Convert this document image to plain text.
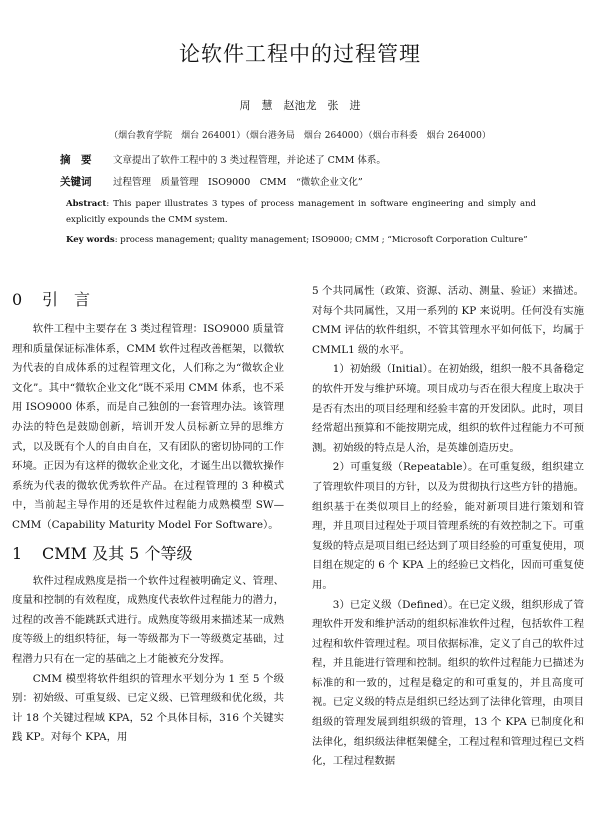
论软件工程中的过程管理
周　慧　赵池龙　张　进
（烟台教育学院　烟台 264001）（烟台港务局　烟台 264000）（烟台市科委　烟台 264000）
摘　要 文章提出了软件工程中的 3 类过程管理，并论述了 CMM 体系。
关键词 过程管理　质量管理　ISO9000　CMM　“微软企业文化”
Abstract: This paper illustrates 3 types of process management in software engineering and simply and explicitly expounds the CMM system.
Key words: process management; quality management; ISO9000; CMM ; “Microsoft Corporation Culture”
0 引　言

软件工程中主要存在 3 类过程管理：ISO9000 质量管理和质量保证标准体系，CMM 软件过程改善框架，以微软为代表的自成体系的过程管理文化，人们称之为“微软企业文化”。其中“微软企业文化”既不采用 CMM 体系，也不采用 ISO9000 体系，而是自己独创的一套管理办法。该管理办法的特色是鼓励创新，培训开发人员标新立异的思维方式，以及既有个人的自由自在，又有团队的密切协同的工作环境。正因为有这样的微软企业文化，才诞生出以微软操作系统为代表的微软优秀软件产品。在过程管理的 3 种模式中，当前起主导作用的还是软件过程能力成熟模型 SW—CMM（Capability Maturity Model For Software）。

1 CMM 及其 5 个等级

软件过程成熟度是指一个软件过程被明确定义、管理、度量和控制的有效程度，成熟度代表软件过程能力的潜力，过程的改善不能跳跃式进行。成熟度等级用来描述某一成熟度等级上的组织特征，每一等级都为下一等级奠定基础，过程潜力只有在一定的基础之上才能被充分发挥。

CMM 模型将软件组织的管理水平划分为 1 至 5 个级别：初始级、可重复级、已定义级、已管理级和优化级，共计 18 个关键过程域 KPA，52 个具体目标，316 个关键实践 KP。对每个 KPA，用

5 个共同属性（政策、资源、活动、测量、验证）来描述。对每个共同属性，又用一系列的 KP 来说明。任何没有实施 CMM 评估的软件组织，不管其管理水平如何低下，均属于 CMML1 级的水平。

1）初始级（Initial）。在初始级，组织一般不具备稳定的软件开发与维护环境。项目成功与否在很大程度上取决于是否有杰出的项目经理和经验丰富的开发团队。此时，项目经常超出预算和不能按期完成，组织的软件过程能力不可预测。初始级的特点是人治，是英雄创造历史。

2）可重复级（Repeatable）。在可重复级，组织建立了管理软件项目的方针，以及为贯彻执行这些方针的措施。组织基于在类似项目上的经验，能对新项目进行策划和管理，并且项目过程处于项目管理系统的有效控制之下。可重复级的特点是项目组已经达到了项目经验的可重复使用，项目组在规定的 6 个 KPA 上的经验已文档化，因而可重复使用。

3）已定义级（Defined）。在已定义级，组织形成了管理软件开发和维护活动的组织标准软件过程，包括软件工程过程和软件管理过程。项目依据标准，定义了自己的软件过程，并且能进行管理和控制。组织的软件过程能力已描述为标准的和一致的，过程是稳定的和可重复的，并且高度可视。已定义级的特点是组织已经达到了法律化管理，由项目组级的管理发展到组织级的管理，13 个 KPA 已制度化和法律化，组织级法律框架健全，工程过程和管理过程已文档化，工程过程数据
